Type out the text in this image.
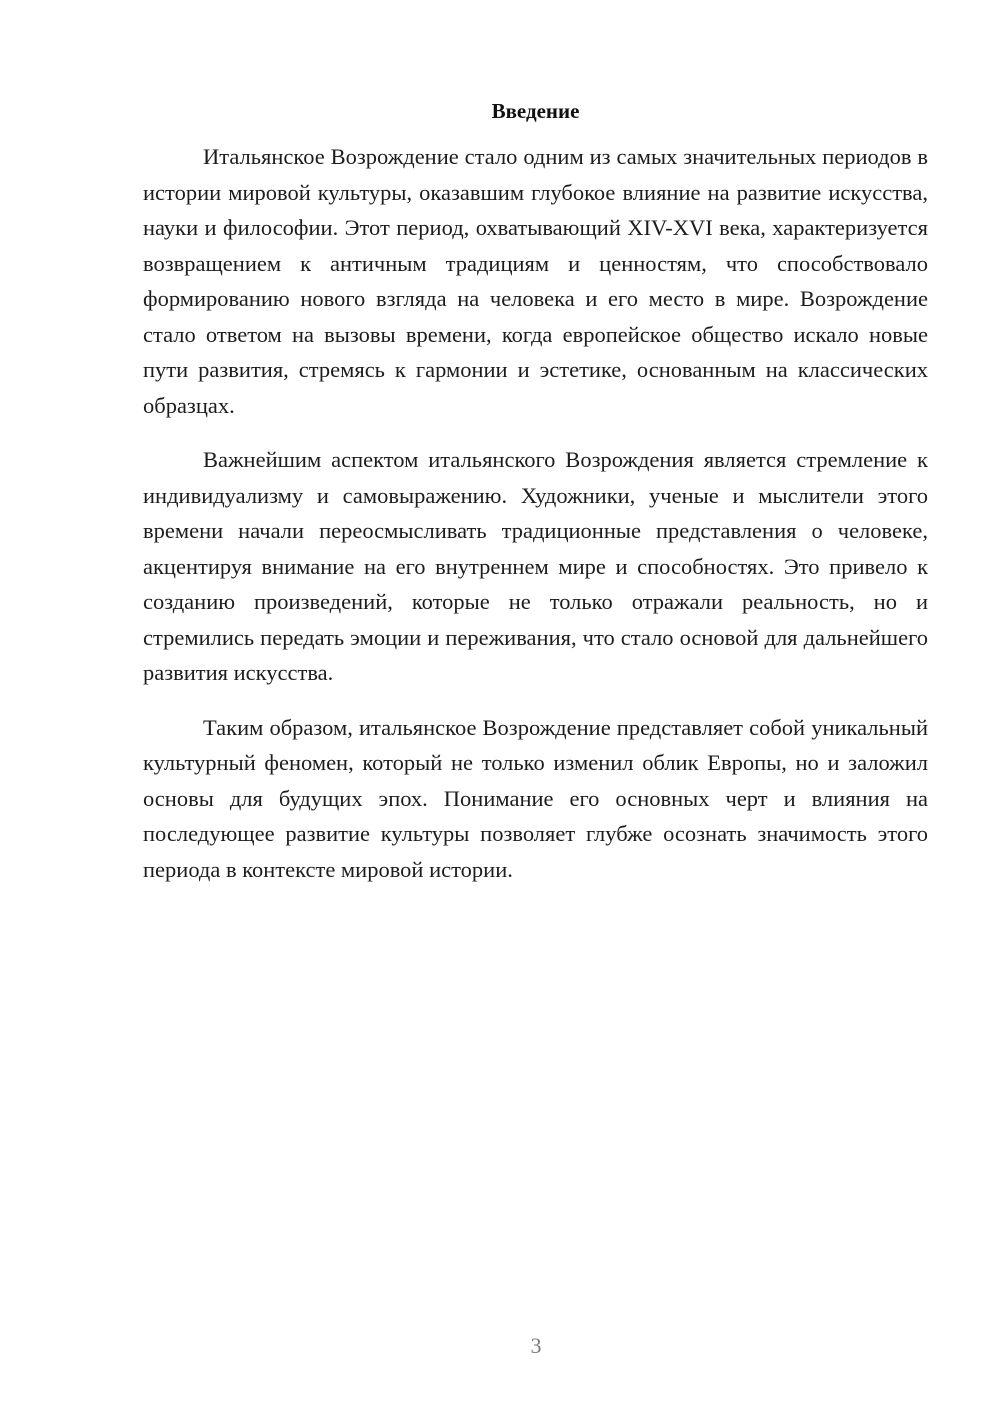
Введение

Итальянское Возрождение стало одним из самых значительных периодов в истории мировой культуры, оказавшим глубокое влияние на развитие искусства, науки и философии. Этот период, охватывающий XIV-XVI века, характеризуется возвращением к античным традициям и ценностям, что способствовало формированию нового взгляда на человека и его место в мире. Возрождение стало ответом на вызовы времени, когда европейское общество искало новые пути развития, стремясь к гармонии и эстетике, основанным на классических образцах.

Важнейшим аспектом итальянского Возрождения является стремление к индивидуализму и самовыражению. Художники, ученые и мыслители этого времени начали переосмысливать традиционные представления о человеке, акцентируя внимание на его внутреннем мире и способностях. Это привело к созданию произведений, которые не только отражали реальность, но и стремились передать эмоции и переживания, что стало основой для дальнейшего развития искусства.

Таким образом, итальянское Возрождение представляет собой уникальный культурный феномен, который не только изменил облик Европы, но и заложил основы для будущих эпох. Понимание его основных черт и влияния на последующее развитие культуры позволяет глубже осознать значимость этого периода в контексте мировой истории.

3
